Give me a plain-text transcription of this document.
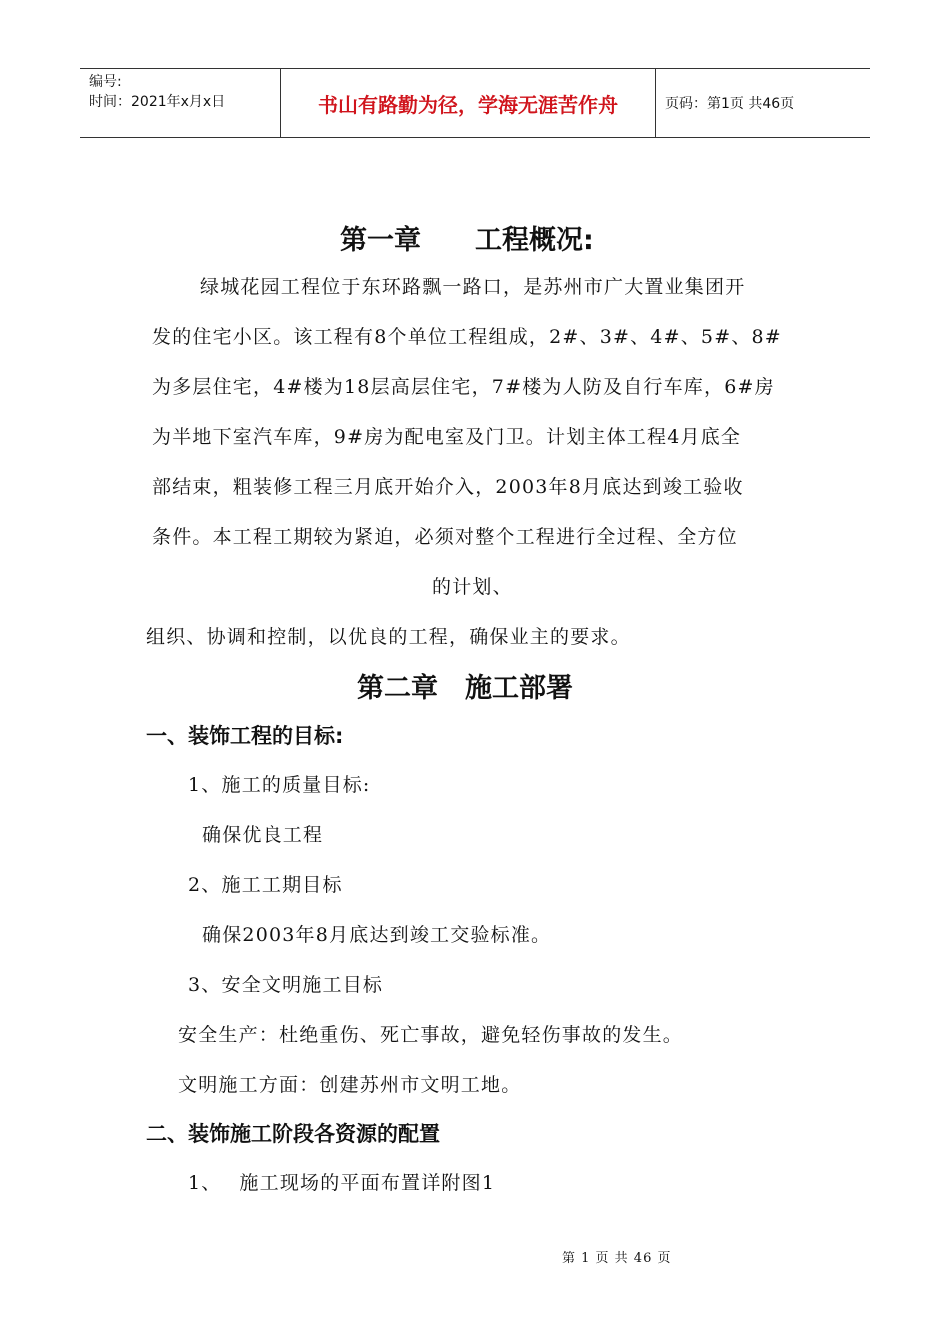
编号:
时间：2021年x月x日	书山有路勤为径，学海无涯苦作舟	页码：第1页 共46页
第一章　　工程概况:
绿城花园工程位于东环路飘一路口，是苏州市广大置业集团开
发的住宅小区。该工程有8个单位工程组成，2#、3#、4#、5#、8#
为多层住宅，4#楼为18层高层住宅，7#楼为人防及自行车库，6#房
为半地下室汽车库，9#房为配电室及门卫。计划主体工程4月底全
部结束，粗装修工程三月底开始介入，2003年8月底达到竣工验收
条件。本工程工期较为紧迫，必须对整个工程进行全过程、全方位
的计划、
组织、协调和控制，以优良的工程，确保业主的要求。
第二章　施工部署
一、装饰工程的目标:
1、施工的质量目标:
确保优良工程
2、施工工期目标
确保2003年8月底达到竣工交验标准。
3、安全文明施工目标
安全生产：杜绝重伤、死亡事故，避免轻伤事故的发生。
文明施工方面：创建苏州市文明工地。
二、装饰施工阶段各资源的配置
1、　 施工现场的平面布置详附图1
第 1 页 共 46 页
